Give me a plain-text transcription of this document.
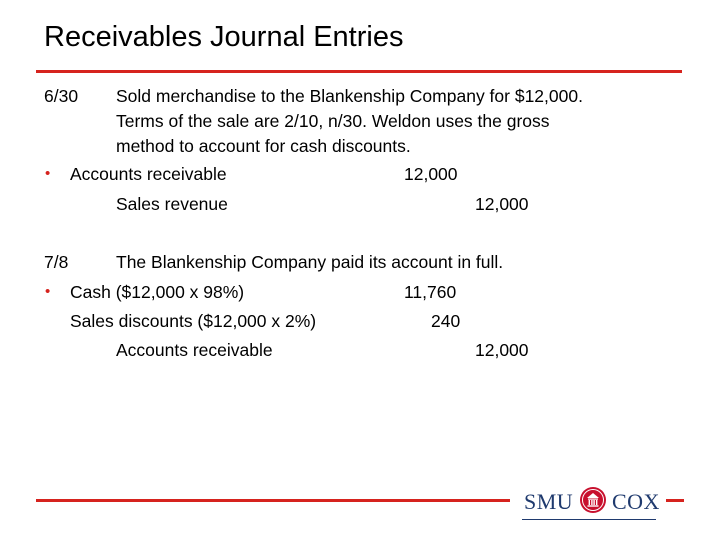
Receivables Journal Entries
6/30 Sold merchandise to the Blankenship Company for $12,000.
Terms of the sale are 2/10, n/30. Weldon uses the gross
method to account for cash discounts.
• Accounts receivable	12,000
Sales revenue	12,000
7/8	The Blankenship Company paid its account in full.
• Cash ($12,000 x 98%)	11,760
Sales discounts ($12,000 x 2%)	240
Accounts receivable	12,000
SMU COX
